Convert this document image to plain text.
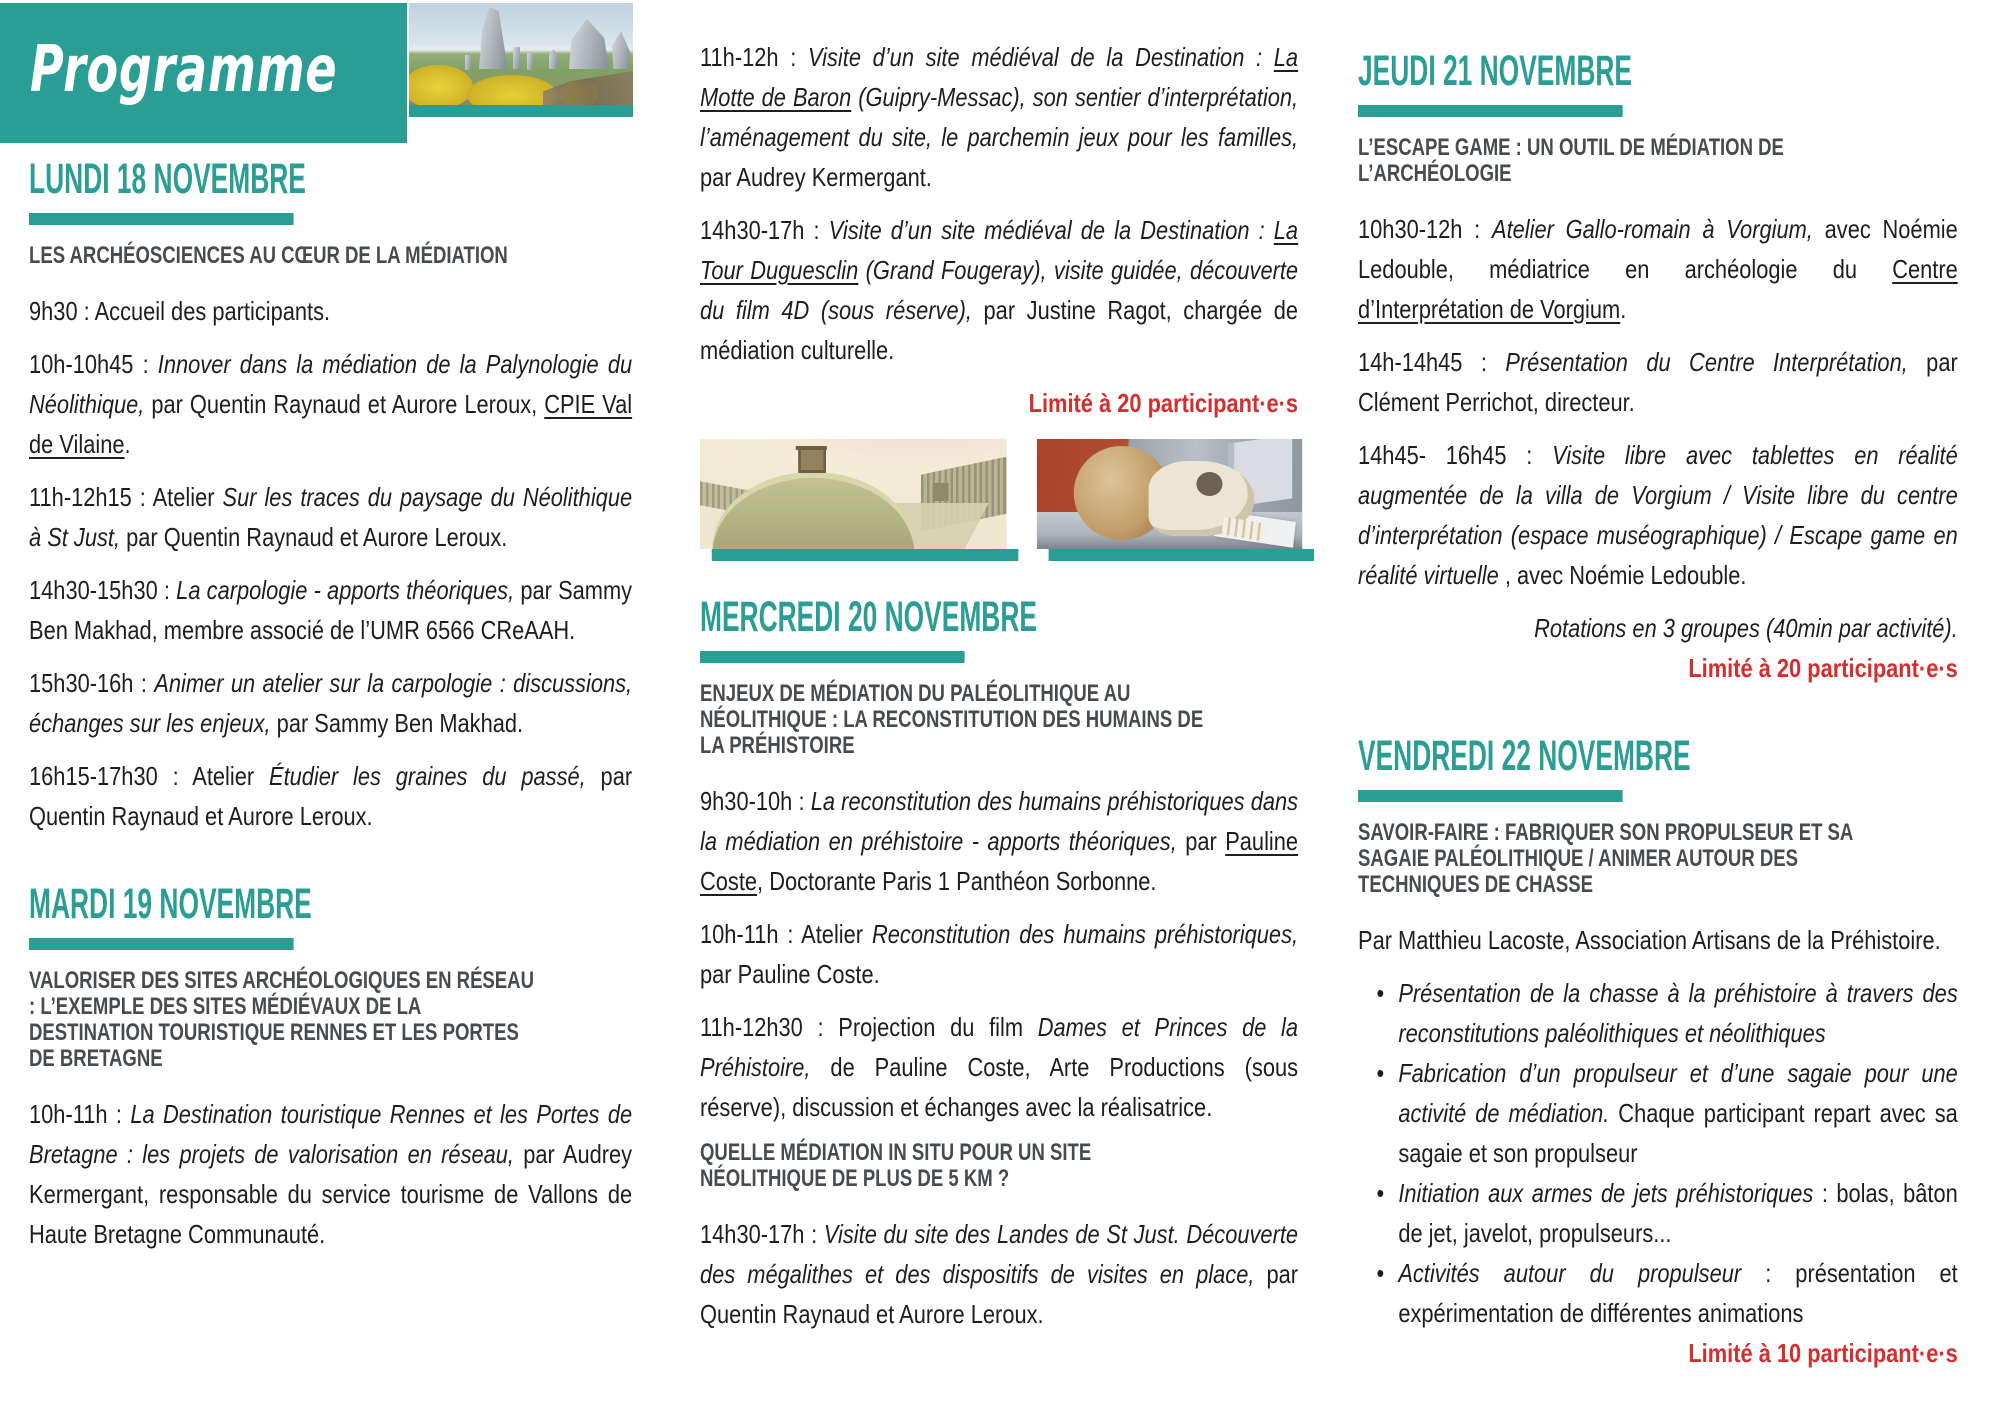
Programme
LUNDI 18 NOVEMBRE
LES ARCHÉOSCIENCES AU CŒUR DE LA MÉDIATION
9h30 : Accueil des participants.
10h-10h45 : Innover dans la médiation de la Palynologie du Néolithique, par Quentin Raynaud et Aurore Leroux, CPIE Val de Vilaine.
11h-12h15 : Atelier Sur les traces du paysage du Néolithique à St Just, par Quentin Raynaud et Aurore Leroux.
14h30-15h30 : La carpologie - apports théoriques, par Sammy Ben Makhad, membre associé de l’UMR 6566 CReAAH.
15h30-16h : Animer un atelier sur la carpologie : discussions, échanges sur les enjeux, par Sammy Ben Makhad.
16h15-17h30 : Atelier Étudier les graines du passé, par Quentin Raynaud et Aurore Leroux.
MARDI 19 NOVEMBRE
VALORISER DES SITES ARCHÉOLOGIQUES EN RÉSEAU : L’EXEMPLE DES SITES MÉDIÉVAUX DE LA DESTINATION TOURISTIQUE RENNES ET LES PORTES DE BRETAGNE
10h-11h : La Destination touristique Rennes et les Portes de Bretagne : les projets de valorisation en réseau, par Audrey Kermergant, responsable du service tourisme de Vallons de Haute Bretagne Communauté.
11h-12h : Visite d’un site médiéval de la Destination : La Motte de Baron (Guipry-Messac), son sentier d’interprétation, l’aménagement du site, le parchemin jeux pour les familles, par Audrey Kermergant.
14h30-17h : Visite d’un site médiéval de la Destination : La Tour Duguesclin (Grand Fougeray), visite guidée, découverte du film 4D (sous réserve), par Justine Ragot, chargée de médiation culturelle.
Limité à 20 participant·e·s
MERCREDI 20 NOVEMBRE
ENJEUX DE MÉDIATION DU PALÉOLITHIQUE AU NÉOLITHIQUE : LA RECONSTITUTION DES HUMAINS DE LA PRÉHISTOIRE
9h30-10h : La reconstitution des humains préhistoriques dans la médiation en préhistoire - apports théoriques, par Pauline Coste, Doctorante Paris 1 Panthéon Sorbonne.
10h-11h : Atelier Reconstitution des humains préhistoriques, par Pauline Coste.
11h-12h30 : Projection du film Dames et Princes de la Préhistoire, de Pauline Coste, Arte Productions (sous réserve), discussion et échanges avec la réalisatrice.
QUELLE MÉDIATION IN SITU POUR UN SITE NÉOLITHIQUE DE PLUS DE 5 KM ?
14h30-17h : Visite du site des Landes de St Just. Découverte des mégalithes et des dispositifs de visites en place, par Quentin Raynaud et Aurore Leroux.
JEUDI 21 NOVEMBRE
L’ESCAPE GAME : UN OUTIL DE MÉDIATION DE L’ARCHÉOLOGIE
10h30-12h : Atelier Gallo-romain à Vorgium, avec Noémie Ledouble, médiatrice en archéologie du Centre d’Interprétation de Vorgium.
14h-14h45 : Présentation du Centre Interprétation, par Clément Perrichot, directeur.
14h45- 16h45 : Visite libre avec tablettes en réalité augmentée de la villa de Vorgium / Visite libre du centre d’interprétation (espace muséographique) / Escape game en réalité virtuelle , avec Noémie Ledouble.
Rotations en 3 groupes (40min par activité).
Limité à 20 participant·e·s
VENDREDI 22 NOVEMBRE
SAVOIR-FAIRE : FABRIQUER SON PROPULSEUR ET SA SAGAIE PALÉOLITHIQUE / ANIMER AUTOUR DES TECHNIQUES DE CHASSE
Par Matthieu Lacoste, Association Artisans de la Préhistoire.
• Présentation de la chasse à la préhistoire à travers des reconstitutions paléolithiques et néolithiques
• Fabrication d’un propulseur et d’une sagaie pour une activité de médiation. Chaque participant repart avec sa sagaie et son propulseur
• Initiation aux armes de jets préhistoriques : bolas, bâton de jet, javelot, propulseurs...
• Activités autour du propulseur : présentation et expérimentation de différentes animations
Limité à 10 participant·e·s
